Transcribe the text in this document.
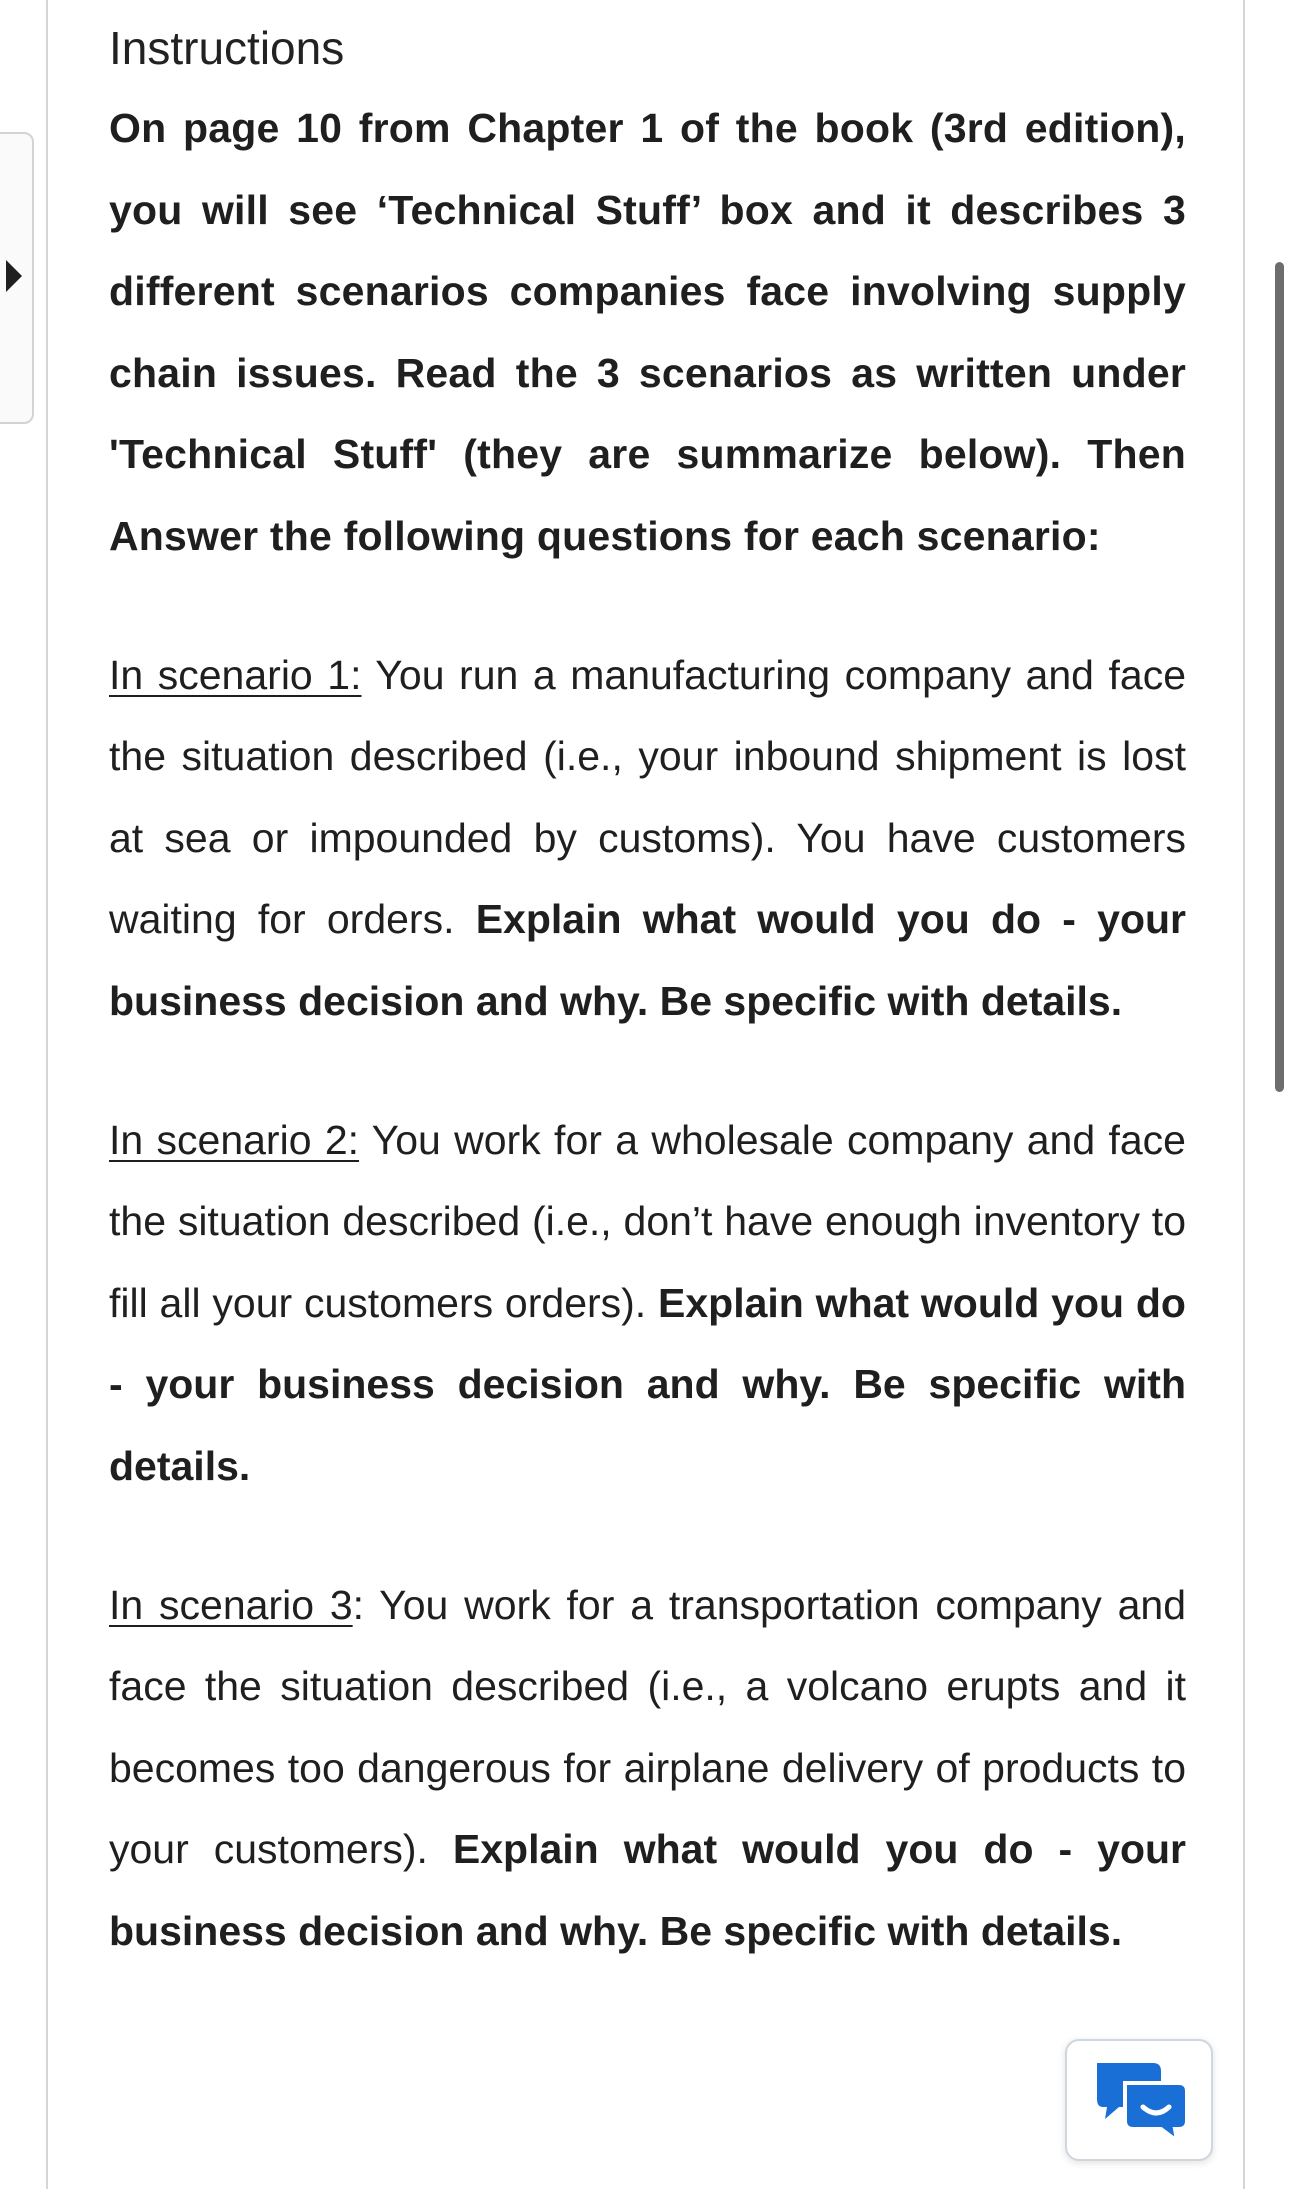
Instructions

On page 10 from Chapter 1 of the book (3rd edition), you will see ‘Technical Stuff’ box and it describes 3 different scenarios companies face involving supply chain issues. Read the 3 scenarios as written under 'Technical Stuff' (they are summarize below). Then Answer the following questions for each scenario:

In scenario 1: You run a manufacturing company and face the situation described (i.e., your inbound shipment is lost at sea or impounded by customs). You have customers waiting for orders. Explain what would you do - your business decision and why. Be specific with details.

In scenario 2: You work for a wholesale company and face the situation described (i.e., don’t have enough inventory to fill all your customers orders). Explain what would you do - your business decision and why. Be specific with details.

In scenario 3: You work for a transportation company and face the situation described (i.e., a volcano erupts and it becomes too dangerous for airplane delivery of products to your customers). Explain what would you do - your business decision and why. Be specific with details.
